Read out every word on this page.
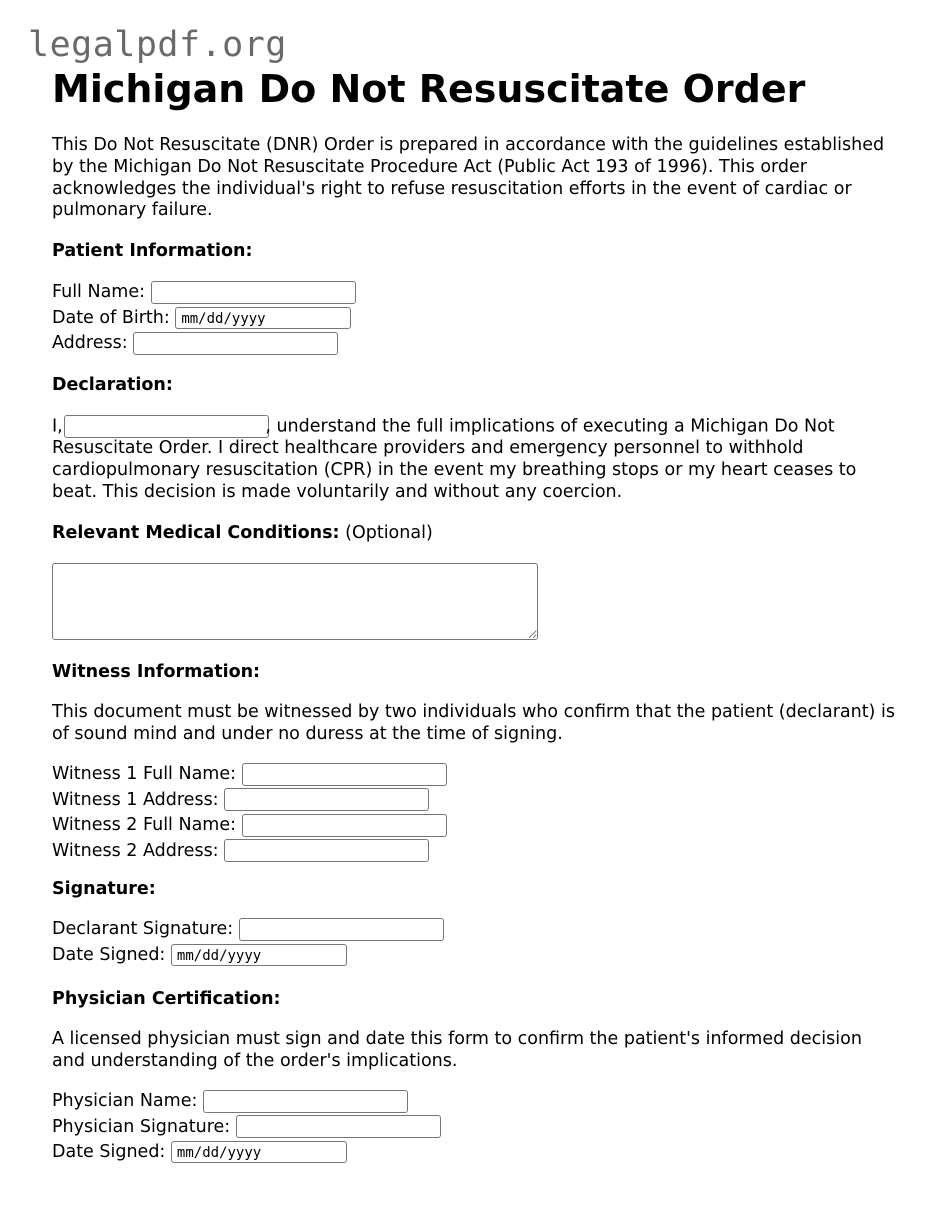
legalpdf.org
Michigan Do Not Resuscitate Order
This Do Not Resuscitate (DNR) Order is prepared in accordance with the guidelines established by the Michigan Do Not Resuscitate Procedure Act (Public Act 193 of 1996). This order acknowledges the individual's right to refuse resuscitation efforts in the event of cardiac or pulmonary failure.
Patient Information:
Full Name:
Date of Birth: mm/dd/yyyy
Address:
Declaration:
I,	, understand the full implications of executing a Michigan Do Not Resuscitate Order. I direct healthcare providers and emergency personnel to withhold cardiopulmonary resuscitation (CPR) in the event my breathing stops or my heart ceases to beat. This decision is made voluntarily and without any coercion.
Relevant Medical Conditions: (Optional)
Witness Information:
This document must be witnessed by two individuals who confirm that the patient (declarant) is of sound mind and under no duress at the time of signing.
Witness 1 Full Name:
Witness 1 Address:
Witness 2 Full Name:
Witness 2 Address:
Signature:
Declarant Signature:
Date Signed: mm/dd/yyyy
Physician Certification:
A licensed physician must sign and date this form to confirm the patient's informed decision and understanding of the order's implications.
Physician Name:
Physician Signature:
Date Signed: mm/dd/yyyy
